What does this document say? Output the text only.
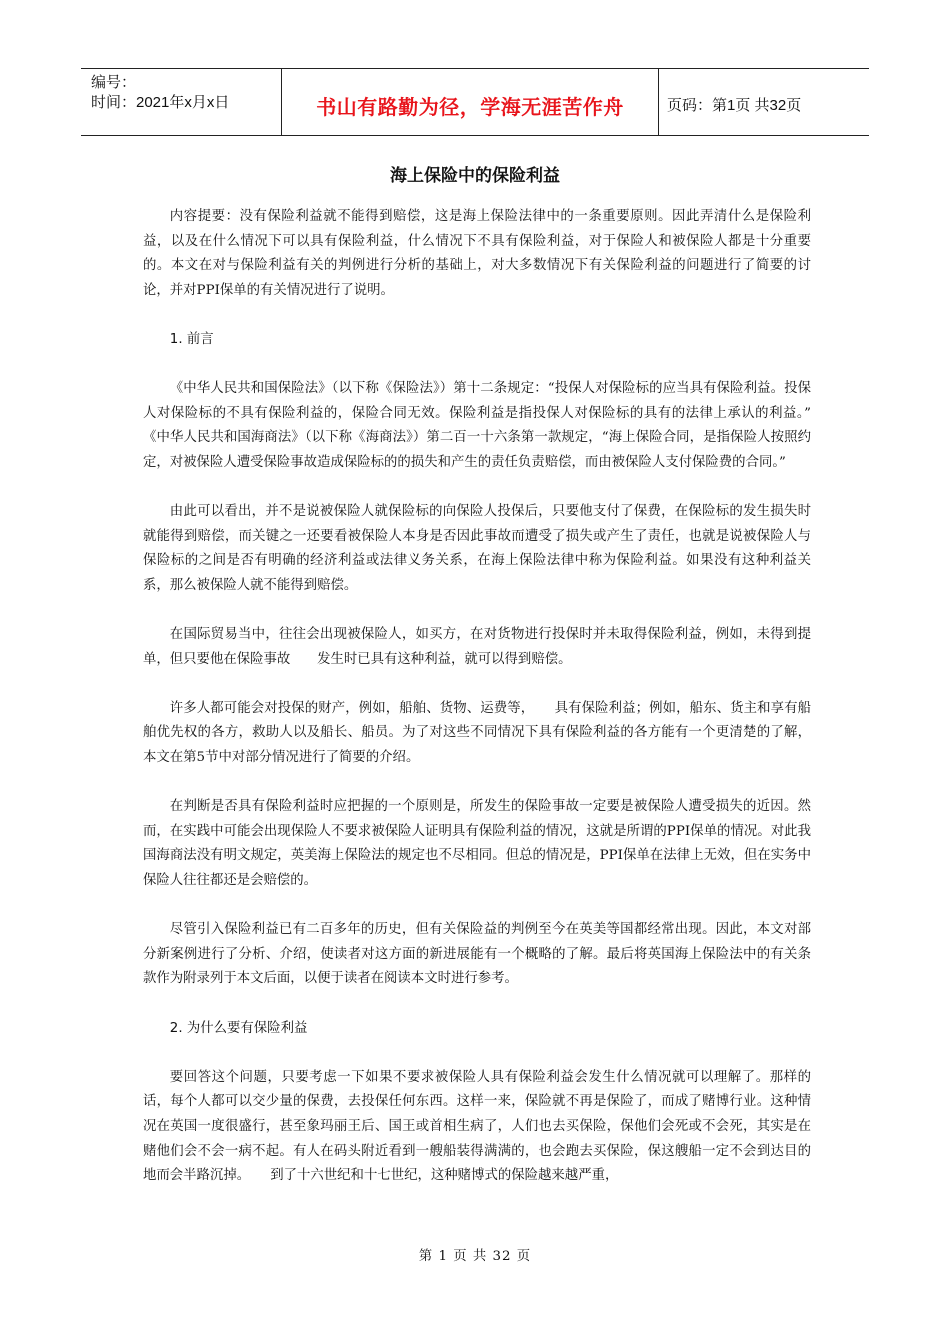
编号：
时间：2021年x月x日	书山有路勤为径，学海无涯苦作舟	页码：第1页 共32页
海上保险中的保险利益

内容提要：没有保险利益就不能得到赔偿，这是海上保险法律中的一条重要原则。因此弄清什么是保险利益，以及在什么情况下可以具有保险利益，什么情况下不具有保险利益，对于保险人和被保险人都是十分重要的。本文在对与保险利益有关的判例进行分析的基础上，对大多数情况下有关保险利益的问题进行了简要的讨论，并对PPI保单的有关情况进行了说明。

1. 前言

《中华人民共和国保险法》（以下称《保险法》）第十二条规定：“投保人对保险标的应当具有保险利益。投保人对保险标的不具有保险利益的，保险合同无效。保险利益是指投保人对保险标的具有的法律上承认的利益。”　　《中华人民共和国海商法》（以下称《海商法》）第二百一十六条第一款规定，“海上保险合同，是指保险人按照约定，对被保险人遭受保险事故造成保险标的的损失和产生的责任负责赔偿，而由被保险人支付保险费的合同。”

由此可以看出，并不是说被保险人就保险标的向保险人投保后，只要他支付了保费，在保险标的发生损失时就能得到赔偿，而关键之一还要看被保险人本身是否因此事故而遭受了损失或产生了责任，也就是说被保险人与保险标的之间是否有明确的经济利益或法律义务关系，在海上保险法律中称为保险利益。如果没有这种利益关系，那么被保险人就不能得到赔偿。

在国际贸易当中，往往会出现被保险人，如买方，在对货物进行投保时并未取得保险利益，例如，未得到提单，但只要他在保险事故　　发生时已具有这种利益，就可以得到赔偿。

许多人都可能会对投保的财产，例如，船舶、货物、运费等，　　具有保险利益；例如，船东、货主和享有船舶优先权的各方，救助人以及船长、船员。为了对这些不同情况下具有保险利益的各方能有一个更清楚的了解，本文在第5节中对部分情况进行了简要的介绍。

在判断是否具有保险利益时应把握的一个原则是，所发生的保险事故一定要是被保险人遭受损失的近因。然而，在实践中可能会出现保险人不要求被保险人证明具有保险利益的情况，这就是所谓的PPI保单的情况。对此我国海商法没有明文规定，英美海上保险法的规定也不尽相同。但总的情况是，PPI保单在法律上无效，但在实务中保险人往往都还是会赔偿的。

尽管引入保险利益已有二百多年的历史，但有关保险益的判例至今在英美等国都经常出现。因此，本文对部分新案例进行了分析、介绍，使读者对这方面的新进展能有一个概略的了解。最后将英国海上保险法中的有关条款作为附录列于本文后面，以便于读者在阅读本文时进行参考。

2. 为什么要有保险利益

要回答这个问题，只要考虑一下如果不要求被保险人具有保险利益会发生什么情况就可以理解了。那样的话，每个人都可以交少量的保费，去投保任何东西。这样一来，保险就不再是保险了，而成了赌博行业。这种情况在英国一度很盛行，甚至象玛丽王后、国王或首相生病了，人们也去买保险，保他们会死或不会死，其实是在赌他们会不会一病不起。有人在码头附近看到一艘船装得满满的，也会跑去买保险，保这艘船一定不会到达目的地而会半路沉掉。　　到了十六世纪和十七世纪，这种赌博式的保险越来越严重，

第 1 页 共 32 页
